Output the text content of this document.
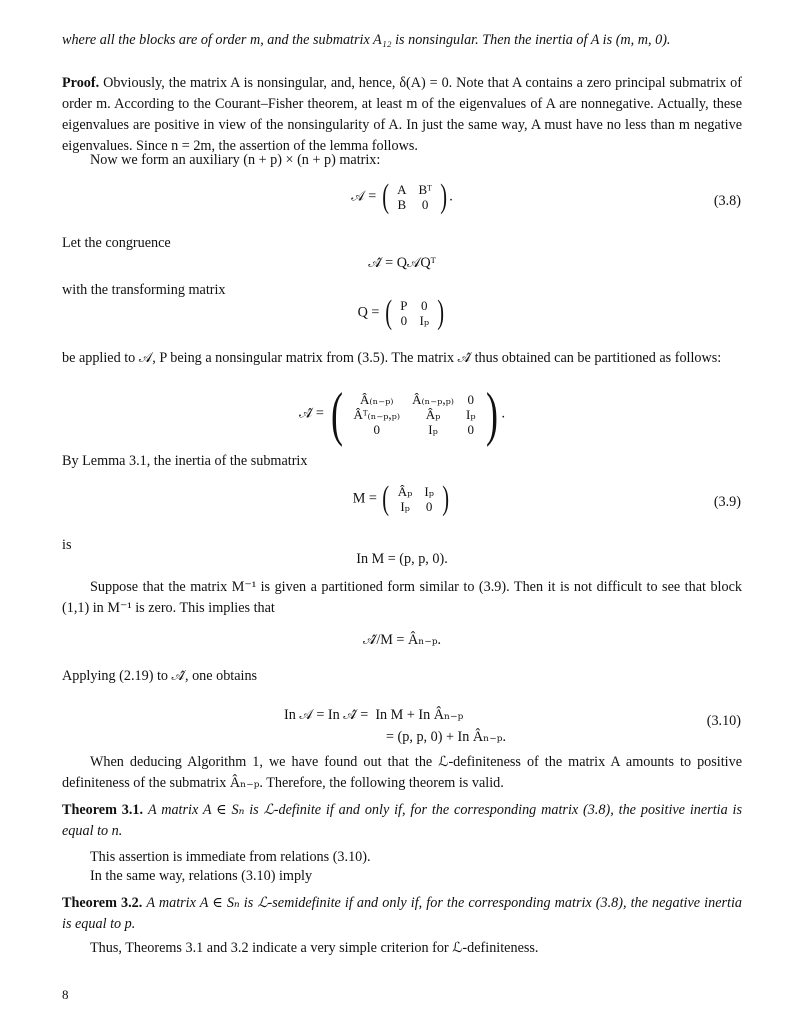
where all the blocks are of order m, and the submatrix A₁₂ is nonsingular. Then the inertia of A is (m, m, 0).
Proof. Obviously, the matrix A is nonsingular, and, hence, δ(A) = 0. Note that A contains a zero principal submatrix of order m. According to the Courant–Fisher theorem, at least m of the eigenvalues of A are nonnegative. Actually, these eigenvalues are positive in view of the nonsingularity of A. In just the same way, A must have no less than m negative eigenvalues. Since n = 2m, the assertion of the lemma follows.
Now we form an auxiliary (n + p) × (n + p) matrix:
𝒜 = ( A	Bᵀ
B	0 ) .	(3.8)
Let the congruence
𝒜̂ = Q𝒜Qᵀ
with the transforming matrix
Q = ( P	0
0	Iₚ )
be applied to 𝒜, P being a nonsingular matrix from (3.5). The matrix 𝒜̂ thus obtained can be partitioned as follows:
𝒜̂ = ( Â₍ₙ₋ₚ₎	Â₍ₙ₋ₚ,ₚ₎	0
Âᵀ₍ₙ₋ₚ,ₚ₎	Âₚ	Iₚ
0	Iₚ	0 ) .
By Lemma 3.1, the inertia of the submatrix
M = ( Âₚ	Iₚ
Iₚ	0 )	(3.9)
is
In M = (p, p, 0).
Suppose that the matrix M⁻¹ is given a partitioned form similar to (3.9). Then it is not difficult to see that block (1,1) in M⁻¹ is zero. This implies that
𝒜̂/M = Âₙ₋ₚ.
Applying (2.19) to 𝒜̂, one obtains
In 𝒜 = In 𝒜̂ = In M + In Âₙ₋ₚ
= (p, p, 0) + In Âₙ₋ₚ.
(3.10)
When deducing Algorithm 1, we have found out that the ℒ-definiteness of the matrix A amounts to positive definiteness of the submatrix Âₙ₋ₚ. Therefore, the following theorem is valid.
Theorem 3.1. A matrix A ∈ Sₙ is ℒ-definite if and only if, for the corresponding matrix (3.8), the positive inertia is equal to n.
This assertion is immediate from relations (3.10).
In the same way, relations (3.10) imply
Theorem 3.2. A matrix A ∈ Sₙ is ℒ-semidefinite if and only if, for the corresponding matrix (3.8), the negative inertia is equal to p.
Thus, Theorems 3.1 and 3.2 indicate a very simple criterion for ℒ-definiteness.
8
